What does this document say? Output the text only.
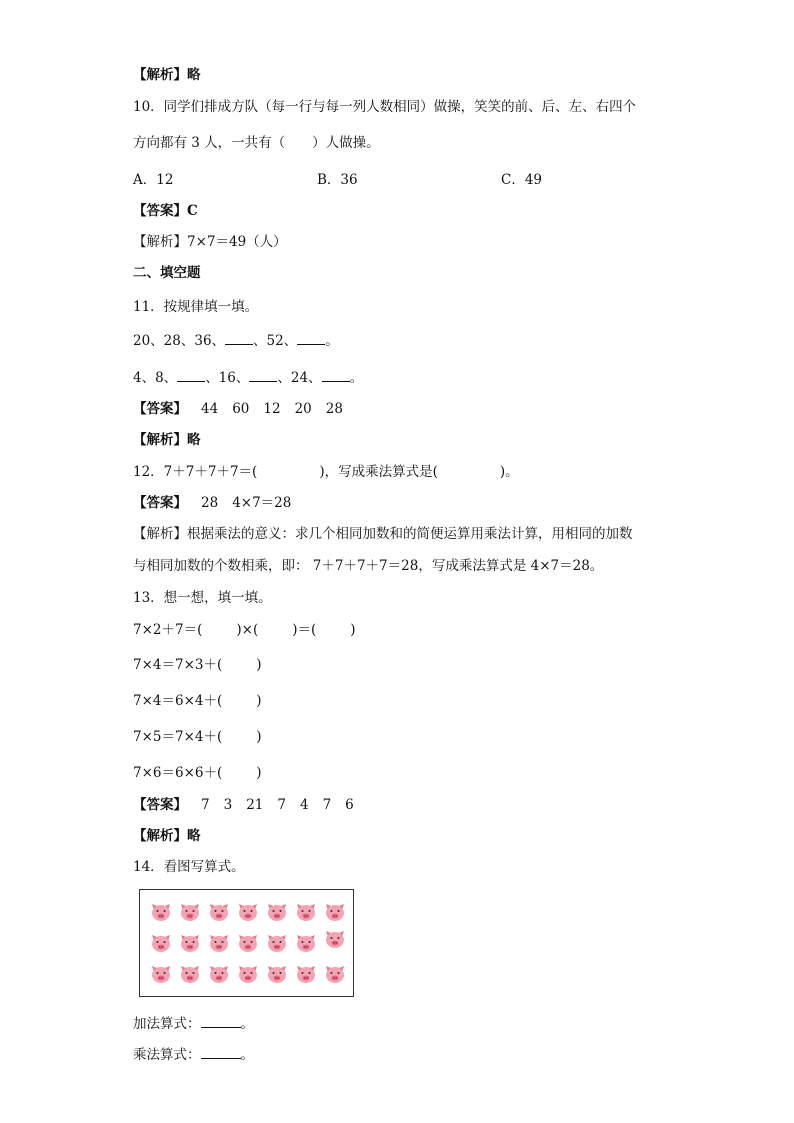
【解析】略
10．同学们排成方队（每一行与每一列人数相同）做操，笑笑的前、后、左、右四个
方向都有 3 人，一共有（　　）人做操。
A．12	B．36	C．49
【答案】C
【解析】7×7＝49（人）
二、填空题
11．按规律填一填。
20、28、36、 、52、 。
4、8、 、16、 、24、 。
【答案】 44 60 12 20 28
【解析】略
12．7＋7＋7＋7＝(	)，写成乘法算式是(	)。
【答案】 28 4×7＝28
【解析】根据乘法的意义：求几个相同加数和的简便运算用乘法计算，用相同的加数
与相同加数的个数相乘，即： 7＋7＋7＋7＝28，写成乘法算式是 4×7＝28。
13．想一想，填一填。
7×2＋7＝(	)×(	)＝(	)
7×4＝7×3＋(	)
7×4＝6×4＋(	)
7×5＝7×4＋(	)
7×6＝6×6＋(	)
【答案】 7 3 21 7 4 7 6
【解析】略
14．看图写算式。
加法算式：	。
乘法算式：	。
